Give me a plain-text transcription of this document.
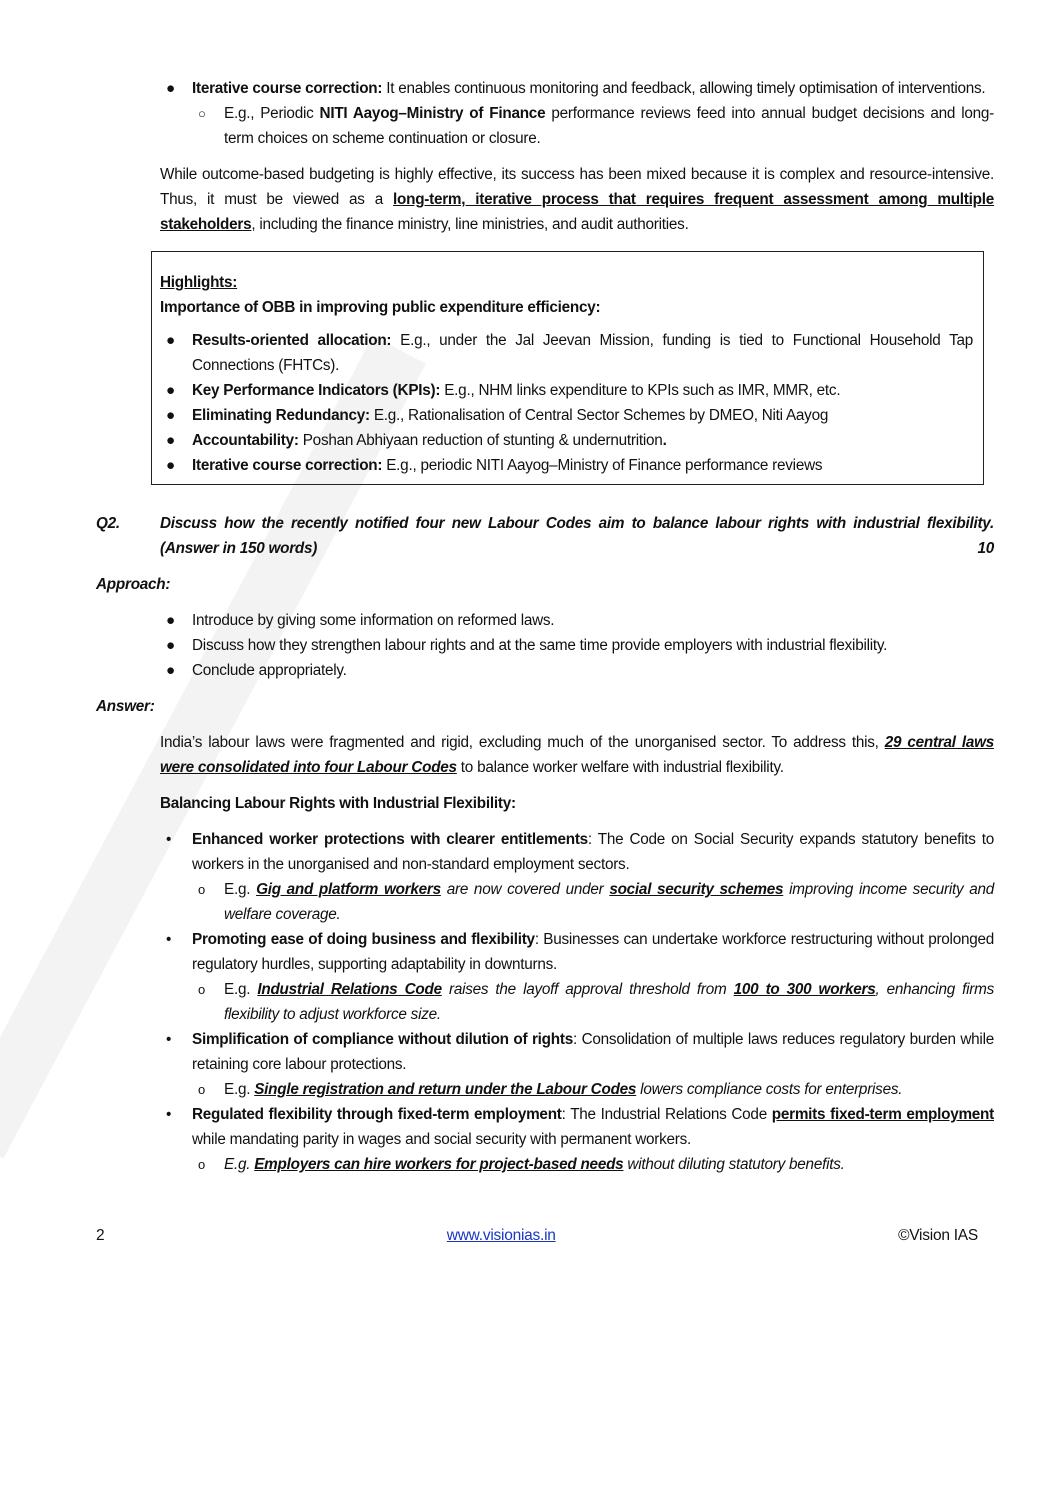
● Iterative course correction: It enables continuous monitoring and feedback, allowing timely optimisation of interventions.
○ E.g., Periodic NITI Aayog–Ministry of Finance performance reviews feed into annual budget decisions and long-term choices on scheme continuation or closure.
While outcome-based budgeting is highly effective, its success has been mixed because it is complex and resource-intensive. Thus, it must be viewed as a long-term, iterative process that requires frequent assessment among multiple stakeholders, including the finance ministry, line ministries, and audit authorities.
Highlights:
Importance of OBB in improving public expenditure efficiency:
● Results-oriented allocation: E.g., under the Jal Jeevan Mission, funding is tied to Functional Household Tap Connections (FHTCs).
● Key Performance Indicators (KPIs): E.g., NHM links expenditure to KPIs such as IMR, MMR, etc.
● Eliminating Redundancy: E.g., Rationalisation of Central Sector Schemes by DMEO, Niti Aayog
● Accountability: Poshan Abhiyaan reduction of stunting & undernutrition.
● Iterative course correction: E.g., periodic NITI Aayog–Ministry of Finance performance reviews
Q2.	Discuss how the recently notified four new Labour Codes aim to balance labour rights with industrial flexibility. (Answer in 150 words)	10
Approach:
● Introduce by giving some information on reformed laws.
● Discuss how they strengthen labour rights and at the same time provide employers with industrial flexibility.
● Conclude appropriately.
Answer:
India’s labour laws were fragmented and rigid, excluding much of the unorganised sector. To address this, 29 central laws were consolidated into four Labour Codes to balance worker welfare with industrial flexibility.
Balancing Labour Rights with Industrial Flexibility:
• Enhanced worker protections with clearer entitlements: The Code on Social Security expands statutory benefits to workers in the unorganised and non-standard employment sectors.
o E.g. Gig and platform workers are now covered under social security schemes improving income security and welfare coverage.
• Promoting ease of doing business and flexibility: Businesses can undertake workforce restructuring without prolonged regulatory hurdles, supporting adaptability in downturns.
o E.g. Industrial Relations Code raises the layoff approval threshold from 100 to 300 workers, enhancing firms flexibility to adjust workforce size.
• Simplification of compliance without dilution of rights: Consolidation of multiple laws reduces regulatory burden while retaining core labour protections.
o E.g. Single registration and return under the Labour Codes lowers compliance costs for enterprises.
• Regulated flexibility through fixed-term employment: The Industrial Relations Code permits fixed-term employment while mandating parity in wages and social security with permanent workers.
o E.g. Employers can hire workers for project-based needs without diluting statutory benefits.
2	www.visionias.in	©Vision IAS
